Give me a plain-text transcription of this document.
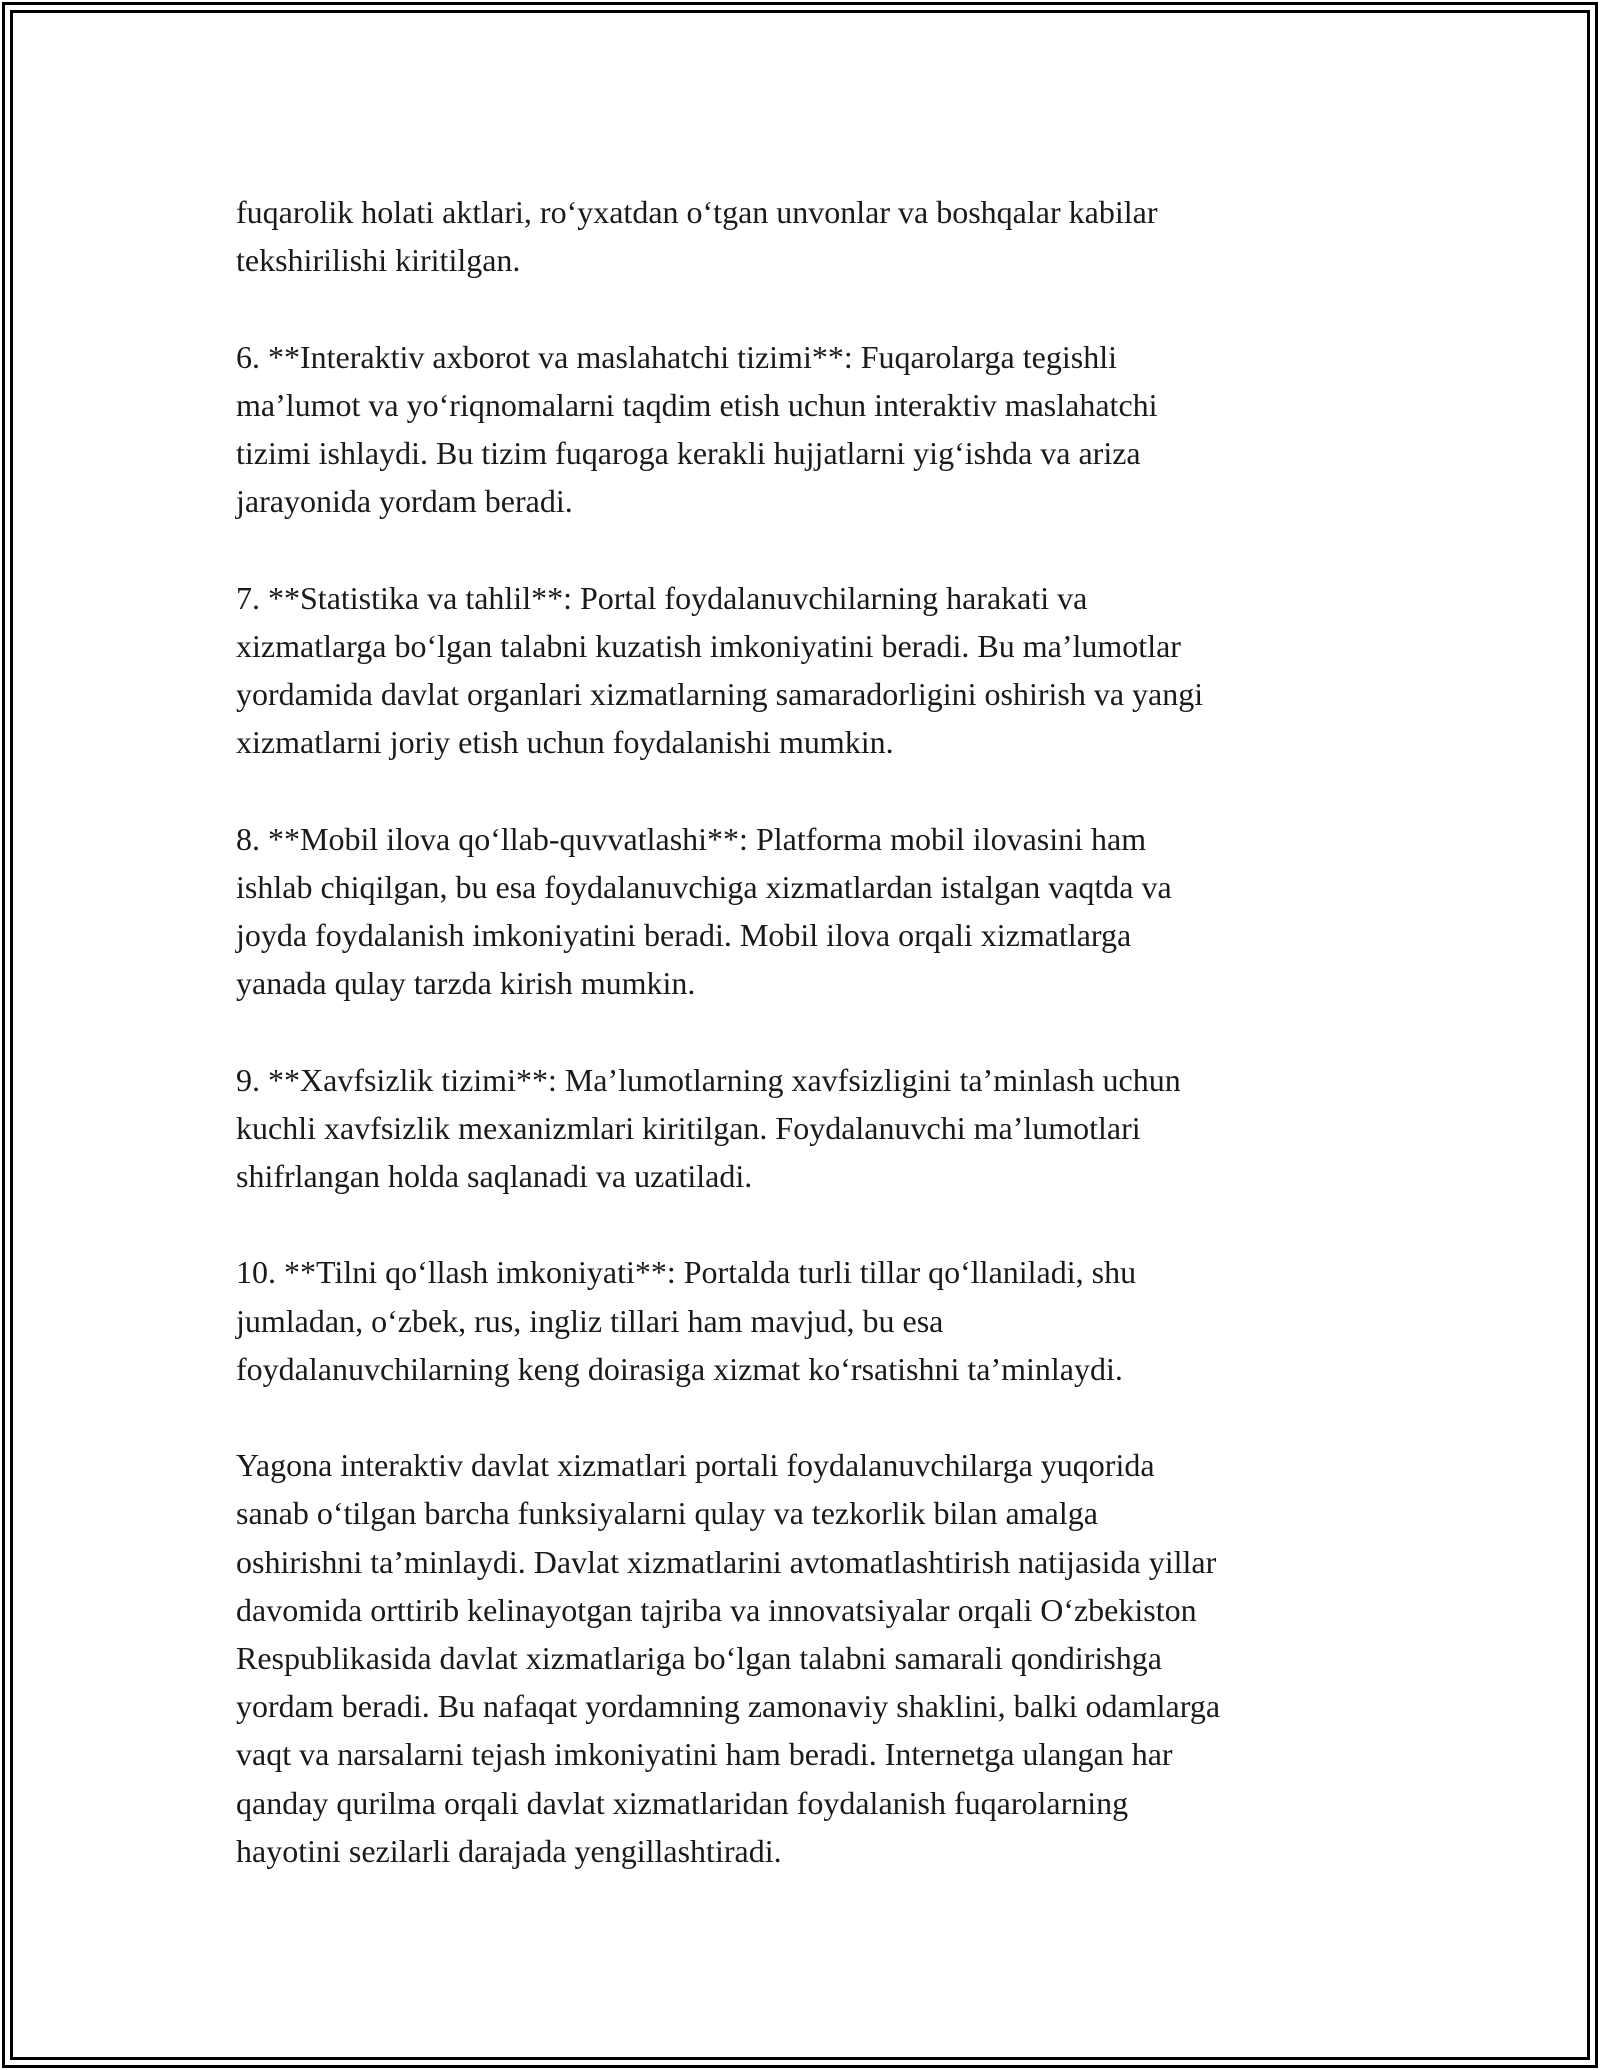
fuqarolik holati aktlari, ro‘yxatdan o‘tgan unvonlar va boshqalar kabilar
tekshirilishi kiritilgan.
6. **Interaktiv axborot va maslahatchi tizimi**: Fuqarolarga tegishli
ma’lumot va yo‘riqnomalarni taqdim etish uchun interaktiv maslahatchi
tizimi ishlaydi. Bu tizim fuqaroga kerakli hujjatlarni yig‘ishda va ariza
jarayonida yordam beradi.
7. **Statistika va tahlil**: Portal foydalanuvchilarning harakati va
xizmatlarga bo‘lgan talabni kuzatish imkoniyatini beradi. Bu ma’lumotlar
yordamida davlat organlari xizmatlarning samaradorligini oshirish va yangi
xizmatlarni joriy etish uchun foydalanishi mumkin.
8. **Mobil ilova qo‘llab-quvvatlashi**: Platforma mobil ilovasini ham
ishlab chiqilgan, bu esa foydalanuvchiga xizmatlardan istalgan vaqtda va
joyda foydalanish imkoniyatini beradi. Mobil ilova orqali xizmatlarga
yanada qulay tarzda kirish mumkin.
9. **Xavfsizlik tizimi**: Ma’lumotlarning xavfsizligini ta’minlash uchun
kuchli xavfsizlik mexanizmlari kiritilgan. Foydalanuvchi ma’lumotlari
shifrlangan holda saqlanadi va uzatiladi.
10. **Tilni qo‘llash imkoniyati**: Portalda turli tillar qo‘llaniladi, shu
jumladan, o‘zbek, rus, ingliz tillari ham mavjud, bu esa
foydalanuvchilarning keng doirasiga xizmat ko‘rsatishni ta’minlaydi.
Yagona interaktiv davlat xizmatlari portali foydalanuvchilarga yuqorida
sanab o‘tilgan barcha funksiyalarni qulay va tezkorlik bilan amalga
oshirishni ta’minlaydi. Davlat xizmatlarini avtomatlashtirish natijasida yillar
davomida orttirib kelinayotgan tajriba va innovatsiyalar orqali O‘zbekiston
Respublikasida davlat xizmatlariga bo‘lgan talabni samarali qondirishga
yordam beradi. Bu nafaqat yordamning zamonaviy shaklini, balki odamlarga
vaqt va narsalarni tejash imkoniyatini ham beradi. Internetga ulangan har
qanday qurilma orqali davlat xizmatlaridan foydalanish fuqarolarning
hayotini sezilarli darajada yengillashtiradi.
